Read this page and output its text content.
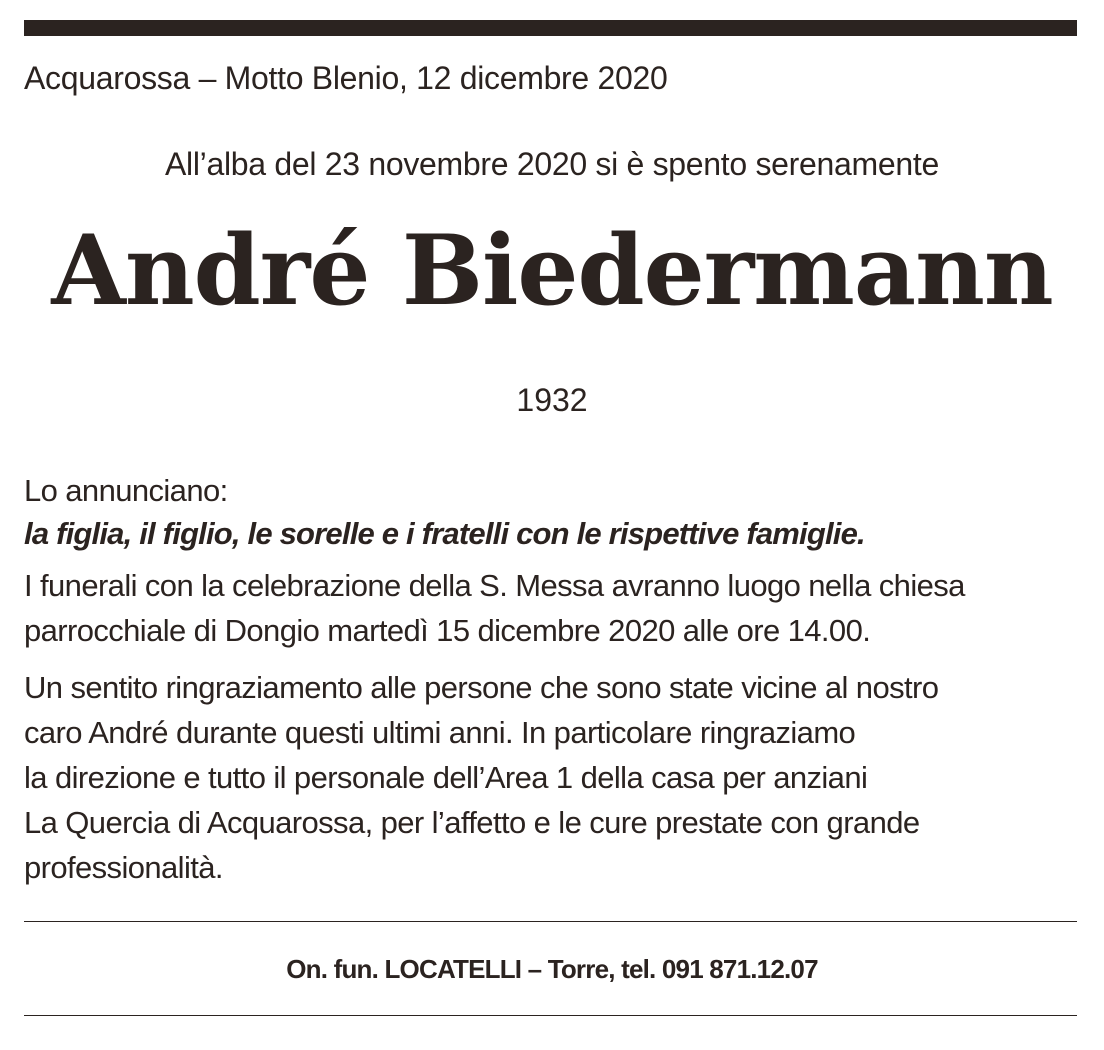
Acquarossa – Motto Blenio, 12 dicembre 2020
All’alba del 23 novembre 2020 si è spento serenamente
André Biedermann
1932
Lo annunciano:
la figlia, il figlio, le sorelle e i fratelli con le rispettive famiglie.
I funerali con la celebrazione della S. Messa avranno luogo nella chiesa
parrocchiale di Dongio martedì 15 dicembre 2020 alle ore 14.00.
Un sentito ringraziamento alle persone che sono state vicine al nostro
caro André durante questi ultimi anni. In particolare ringraziamo
la direzione e tutto il personale dell’Area 1 della casa per anziani
La Quercia di Acquarossa, per l’affetto e le cure prestate con grande
professionalità.
On. fun. LOCATELLI – Torre, tel. 091 871.12.07
